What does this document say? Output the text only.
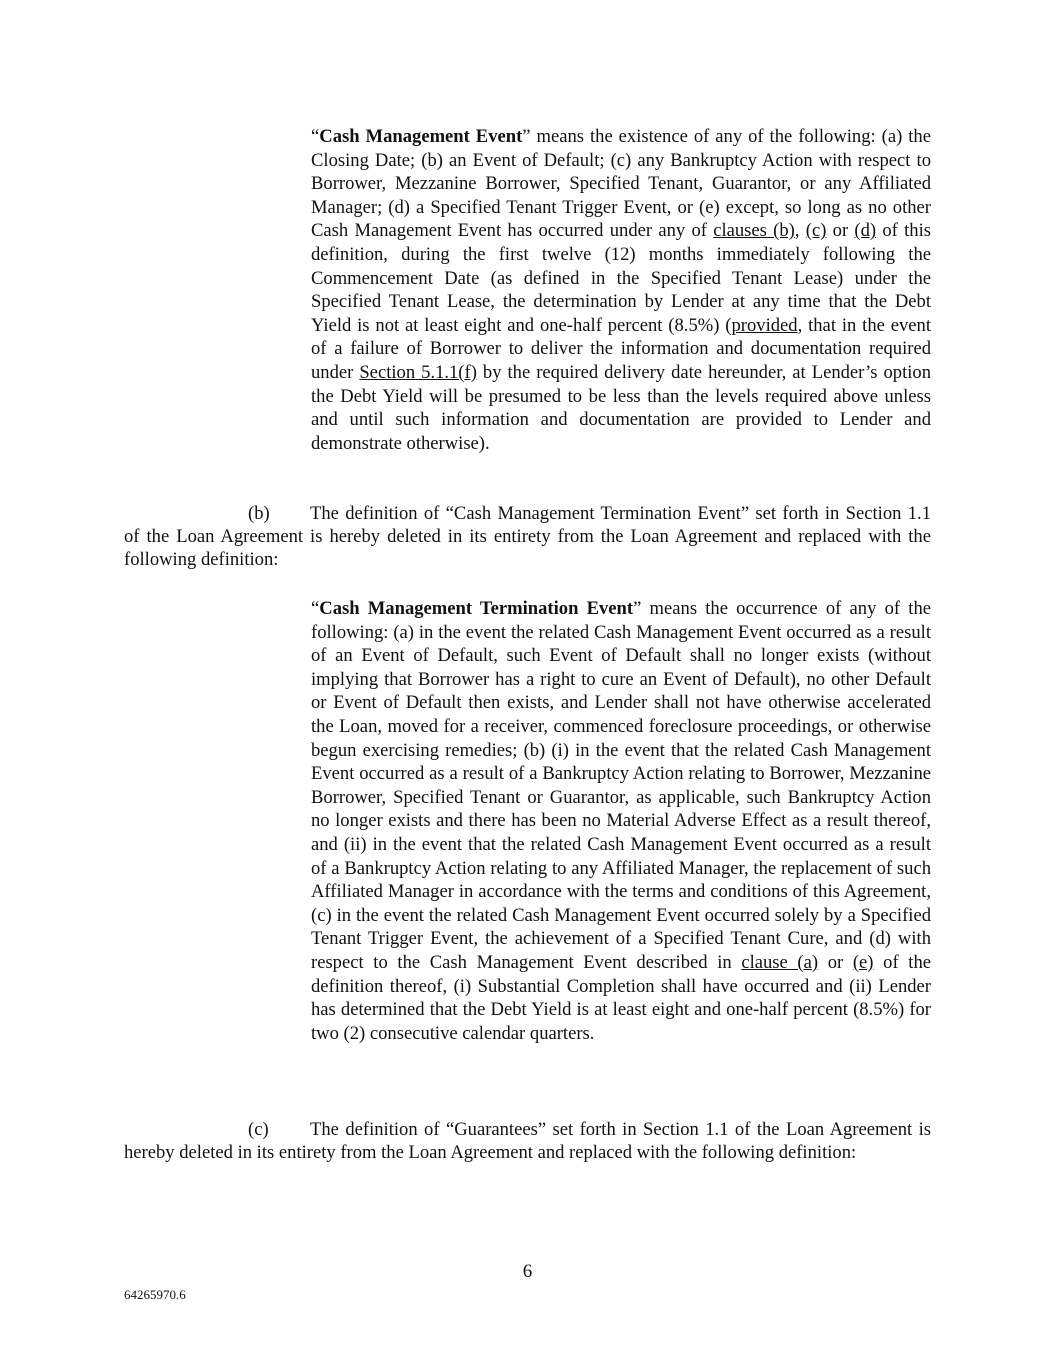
“Cash Management Event” means the existence of any of the following: (a) the Closing Date; (b) an Event of Default; (c) any Bankruptcy Action with respect to Borrower, Mezzanine Borrower, Specified Tenant, Guarantor, or any Affiliated Manager; (d) a Specified Tenant Trigger Event, or (e) except, so long as no other Cash Management Event has occurred under any of clauses (b), (c) or (d) of this definition, during the first twelve (12) months immediately following the Commencement Date (as defined in the Specified Tenant Lease) under the Specified Tenant Lease, the determination by Lender at any time that the Debt Yield is not at least eight and one-half percent (8.5%) (provided, that in the event of a failure of Borrower to deliver the information and documentation required under Section 5.1.1(f) by the required delivery date hereunder, at Lender’s option the Debt Yield will be presumed to be less than the levels required above unless and until such information and documentation are provided to Lender and demonstrate otherwise).

(b) The definition of “Cash Management Termination Event” set forth in Section 1.1 of the Loan Agreement is hereby deleted in its entirety from the Loan Agreement and replaced with the following definition:

“Cash Management Termination Event” means the occurrence of any of the following: (a) in the event the related Cash Management Event occurred as a result of an Event of Default, such Event of Default shall no longer exists (without implying that Borrower has a right to cure an Event of Default), no other Default or Event of Default then exists, and Lender shall not have otherwise accelerated the Loan, moved for a receiver, commenced foreclosure proceedings, or otherwise begun exercising remedies; (b) (i) in the event that the related Cash Management Event occurred as a result of a Bankruptcy Action relating to Borrower, Mezzanine Borrower, Specified Tenant or Guarantor, as applicable, such Bankruptcy Action no longer exists and there has been no Material Adverse Effect as a result thereof, and (ii) in the event that the related Cash Management Event occurred as a result of a Bankruptcy Action relating to any Affiliated Manager, the replacement of such Affiliated Manager in accordance with the terms and conditions of this Agreement, (c) in the event the related Cash Management Event occurred solely by a Specified Tenant Trigger Event, the achievement of a Specified Tenant Cure, and (d) with respect to the Cash Management Event described in clause (a) or (e) of the definition thereof, (i) Substantial Completion shall have occurred and (ii) Lender has determined that the Debt Yield is at least eight and one-half percent (8.5%) for two (2) consecutive calendar quarters.

(c) The definition of “Guarantees” set forth in Section 1.1 of the Loan Agreement is hereby deleted in its entirety from the Loan Agreement and replaced with the following definition:

6

64265970.6
